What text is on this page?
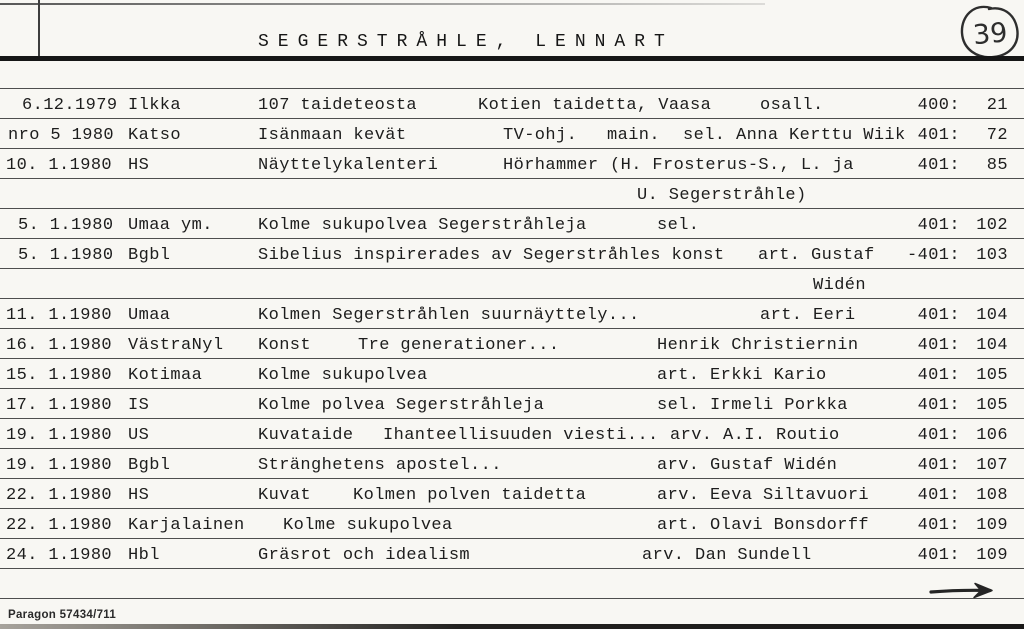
SEGERSTRÅHLE, LENNART	39
6.12.1979 Ilkka	107 taideteosta	Kotien taidetta, Vaasa	osall.	400: 21
nro 5 1980 Katso	Isänmaan kevät	TV-ohj. main. sel. Anna Kerttu Wiik 401: 72
10. 1.1980 HS	Näyttelykalenteri	Hörhammer (H. Frosterus-S., L. ja	401: 85
U. Segerstråhle)
5. 1.1980 Umaa ym.	Kolme sukupolvea Segerstråhleja	sel.	401: 102
5. 1.1980 Bgbl	Sibelius inspirerades av Segerstråhles konst art. Gustaf -401: 103
Widén
11. 1.1980 Umaa	Kolmen Segerstråhlen suurnäyttely...	art. Eeri	401: 104
16. 1.1980 VästraNyl Konst	Tre generationer...	Henrik Christiernin	401: 104
15. 1.1980 Kotimaa	Kolme sukupolvea	art. Erkki Kario	401: 105
17. 1.1980 IS	Kolme polvea Segerstråhleja	sel. Irmeli Porkka	401: 105
19. 1.1980 US	Kuvataide Ihanteellisuuden viesti... arv. A.I. Routio	401: 106
19. 1.1980 Bgbl	Stränghetens apostel...	arv. Gustaf Widén	401: 107
22. 1.1980 HS	Kuvat Kolmen polven taidetta	arv. Eeva Siltavuori	401: 108
22. 1.1980 Karjalainen Kolme sukupolvea	art. Olavi Bonsdorff	401: 109
24. 1.1980 Hbl	Gräsrot och idealism	arv. Dan Sundell	401: 109
Paragon 57434/711
